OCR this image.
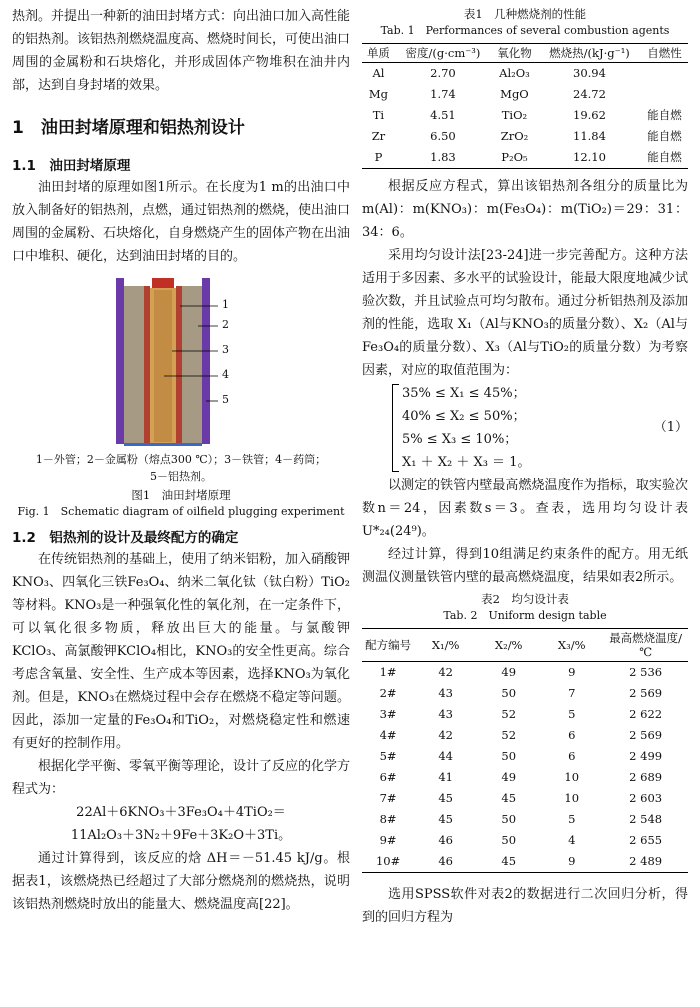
热剂。并提出一种新的油田封堵方式：向出油口加入高性能的铝热剂。该铝热剂燃烧温度高、燃烧时间长，可使出油口周围的金属粉和石块熔化，并形成固体产物堆积在油井内部，达到自身封堵的效果。

1　油田封堵原理和铝热剂设计
1.1　油田封堵原理

油田封堵的原理如图1所示。在长度为1 m的出油口中放入制备好的铝热剂，点燃，通过铝热剂的燃烧，使出油口周围的金属粉、石块熔化，自身燃烧产生的固体产物在出油口中堆积、硬化，达到油田封堵的目的。

1
2
3
4
5
1－外管；2－金属粉（熔点300 ℃）；3－铁管；4－药筒；
5－铝热剂。
图1　油田封堵原理
Fig. 1　Schematic diagram of oilfield plugging experiment
1.2　铝热剂的设计及最终配方的确定

在传统铝热剂的基础上，使用了纳米铝粉，加入硝酸钾KNO₃、四氧化三铁Fe₃O₄、纳米二氧化钛（钛白粉）TiO₂等材料。KNO₃是一种强氧化性的氧化剂，在一定条件下，可以氧化很多物质，释放出巨大的能量。与氯酸钾KClO₃、高氯酸钾KClO₄相比，KNO₃的安全性更高。综合考虑含氧量、安全性、生产成本等因素，选择KNO₃为氧化剂。但是，KNO₃在燃烧过程中会存在燃烧不稳定等问题。因此，添加一定量的Fe₃O₄和TiO₂，对燃烧稳定性和燃速有更好的控制作用。

根据化学平衡、零氧平衡等理论，设计了反应的化学方程式为：

22Al＋6KNO₃＋3Fe₃O₄＋4TiO₂＝
11Al₂O₃＋3N₂＋9Fe＋3K₂O＋3Ti。

通过计算得到，该反应的焓 ΔH＝－51.45 kJ/g。根据表1，该燃烧热已经超过了大部分燃烧剂的燃烧热，说明该铝热剂燃烧时放出的能量大、燃烧温度高[22]。

表1　几种燃烧剂的性能
Tab. 1　Performances of several combustion agents
单质	密度/(g·cm⁻³)	氧化物	燃烧热/(kJ·g⁻¹)	自燃性
Al	2.70	Al₂O₃	30.94	
Mg	1.74	MgO	24.72	
Ti	4.51	TiO₂	19.62	能自燃
Zr	6.50	ZrO₂	11.84	能自燃
P	1.83	P₂O₅	12.10	能自燃

根据反应方程式，算出该铝热剂各组分的质量比为 m(Al)：m(KNO₃)：m(Fe₃O₄)：m(TiO₂)＝29：31：34：6。

采用均匀设计法[23-24]进一步完善配方。这种方法适用于多因素、多水平的试验设计，能最大限度地减少试验次数，并且试验点可均匀散布。通过分析铝热剂及添加剂的性能，选取 X₁（Al与KNO₃的质量分数）、X₂（Al与Fe₃O₄的质量分数）、X₃（Al与TiO₂的质量分数）为考察因素，对应的取值范围为：

35% ≤ X₁ ≤ 45%；
40% ≤ X₂ ≤ 50%；
5% ≤ X₃ ≤ 10%；
X₁ ＋ X₂ ＋ X₃ ＝ 1。
（1）

以测定的铁管内壁最高燃烧温度作为指标，取实验次数n＝24，因素数s＝3。查表，选用均匀设计表U*₂₄(24⁹)。

经过计算，得到10组满足约束条件的配方。用无纸测温仪测量铁管内壁的最高燃烧温度，结果如表2所示。

表2　均匀设计表
Tab. 2　Uniform design table
配方编号	X₁/%	X₂/%	X₃/%	最高燃烧温度/℃
1#	42	49	9	2 536
2#	43	50	7	2 569
3#	43	52	5	2 622
4#	42	52	6	2 569
5#	44	50	6	2 499
6#	41	49	10	2 689
7#	45	45	10	2 603
8#	45	50	5	2 548
9#	46	50	4	2 655
10#	46	45	9	2 489

选用SPSS软件对表2的数据进行二次回归分析，得到的回归方程为
